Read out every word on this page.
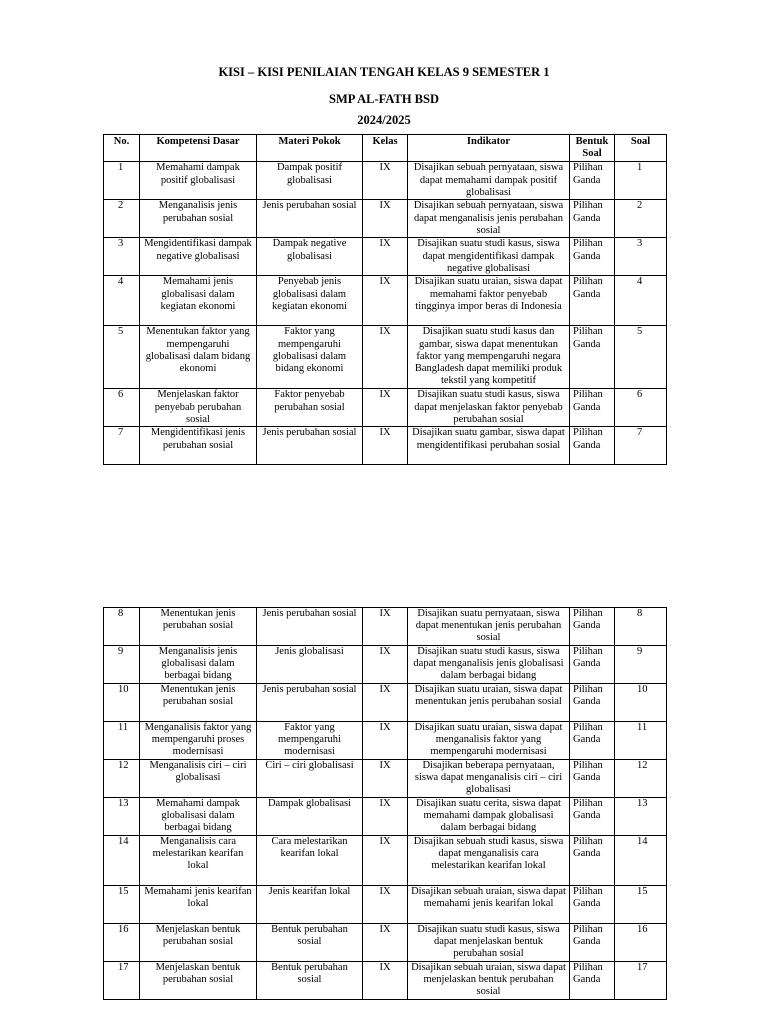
KISI – KISI PENILAIAN TENGAH KELAS 9 SEMESTER 1
SMP AL-FATH BSD
2024/2025
No.	Kompetensi Dasar	Materi Pokok	Kelas	Indikator	Bentuk Soal	Soal
1	Memahami dampak positif globalisasi	Dampak positif globalisasi	IX	Disajikan sebuah pernyataan, siswa dapat memahami dampak positif globalisasi	Pilihan Ganda	1
2	Menganalisis jenis perubahan sosial	Jenis perubahan sosial	IX	Disajikan sebuah pernyataan, siswa dapat menganalisis jenis perubahan sosial	Pilihan Ganda	2
3	Mengidentifikasi dampak negative globalisasi	Dampak negative globalisasi	IX	Disajikan suatu studi kasus, siswa dapat mengidentifikasi dampak negative globalisasi	Pilihan Ganda	3
4	Memahami jenis globalisasi dalam kegiatan ekonomi	Penyebab jenis globalisasi dalam kegiatan ekonomi	IX	Disajikan suatu uraian, siswa dapat memahami faktor penyebab tingginya impor beras di Indonesia	Pilihan Ganda	4
5	Menentukan faktor yang mempengaruhi globalisasi dalam bidang ekonomi	Faktor yang mempengaruhi globalisasi dalam bidang ekonomi	IX	Disajikan suatu studi kasus dan gambar, siswa dapat menentukan faktor yang mempengaruhi negara Bangladesh dapat memiliki produk tekstil yang kompetitif	Pilihan Ganda	5
6	Menjelaskan faktor penyebab perubahan sosial	Faktor penyebab perubahan sosial	IX	Disajikan suatu studi kasus, siswa dapat menjelaskan faktor penyebab perubahan sosial	Pilihan Ganda	6
7	Mengidentifikasi jenis perubahan sosial	Jenis perubahan sosial	IX	Disajikan suatu gambar, siswa dapat mengidentifikasi perubahan sosial	Pilihan Ganda	7
8	Menentukan jenis perubahan sosial	Jenis perubahan sosial	IX	Disajikan suatu pernyataan, siswa dapat menentukan jenis perubahan sosial	Pilihan Ganda	8
9	Menganalisis jenis globalisasi dalam berbagai bidang	Jenis globalisasi	IX	Disajikan suatu studi kasus, siswa dapat menganalisis jenis globalisasi dalam berbagai bidang	Pilihan Ganda	9
10	Menentukan jenis perubahan sosial	Jenis perubahan sosial	IX	Disajikan suatu uraian, siswa dapat menentukan jenis perubahan sosial	Pilihan Ganda	10
11	Menganalisis faktor yang mempengaruhi proses modernisasi	Faktor yang mempengaruhi modernisasi	IX	Disajikan suatu uraian, siswa dapat menganalisis faktor yang mempengaruhi modernisasi	Pilihan Ganda	11
12	Menganalisis ciri – ciri globalisasi	Ciri – ciri globalisasi	IX	Disajikan beberapa pernyataan, siswa dapat menganalisis ciri – ciri globalisasi	Pilihan Ganda	12
13	Memahami dampak globalisasi dalam berbagai bidang	Dampak globalisasi	IX	Disajikan suatu cerita, siswa dapat memahami dampak globalisasi dalam berbagai bidang	Pilihan Ganda	13
14	Menganalisis cara melestarikan kearifan lokal	Cara melestarikan kearifan lokal	IX	Disajikan sebuah studi kasus, siswa dapat menganalisis cara melestarikan kearifan lokal	Pilihan Ganda	14
15	Memahami jenis kearifan lokal	Jenis kearifan lokal	IX	Disajikan sebuah uraian, siswa dapat memahami jenis kearifan lokal	Pilihan Ganda	15
16	Menjelaskan bentuk perubahan sosial	Bentuk perubahan sosial	IX	Disajikan suatu studi kasus, siswa dapat menjelaskan bentuk perubahan sosial	Pilihan Ganda	16
17	Menjelaskan bentuk perubahan sosial	Bentuk perubahan sosial	IX	Disajikan sebuah uraian, siswa dapat menjelaskan bentuk perubahan sosial	Pilihan Ganda	17
